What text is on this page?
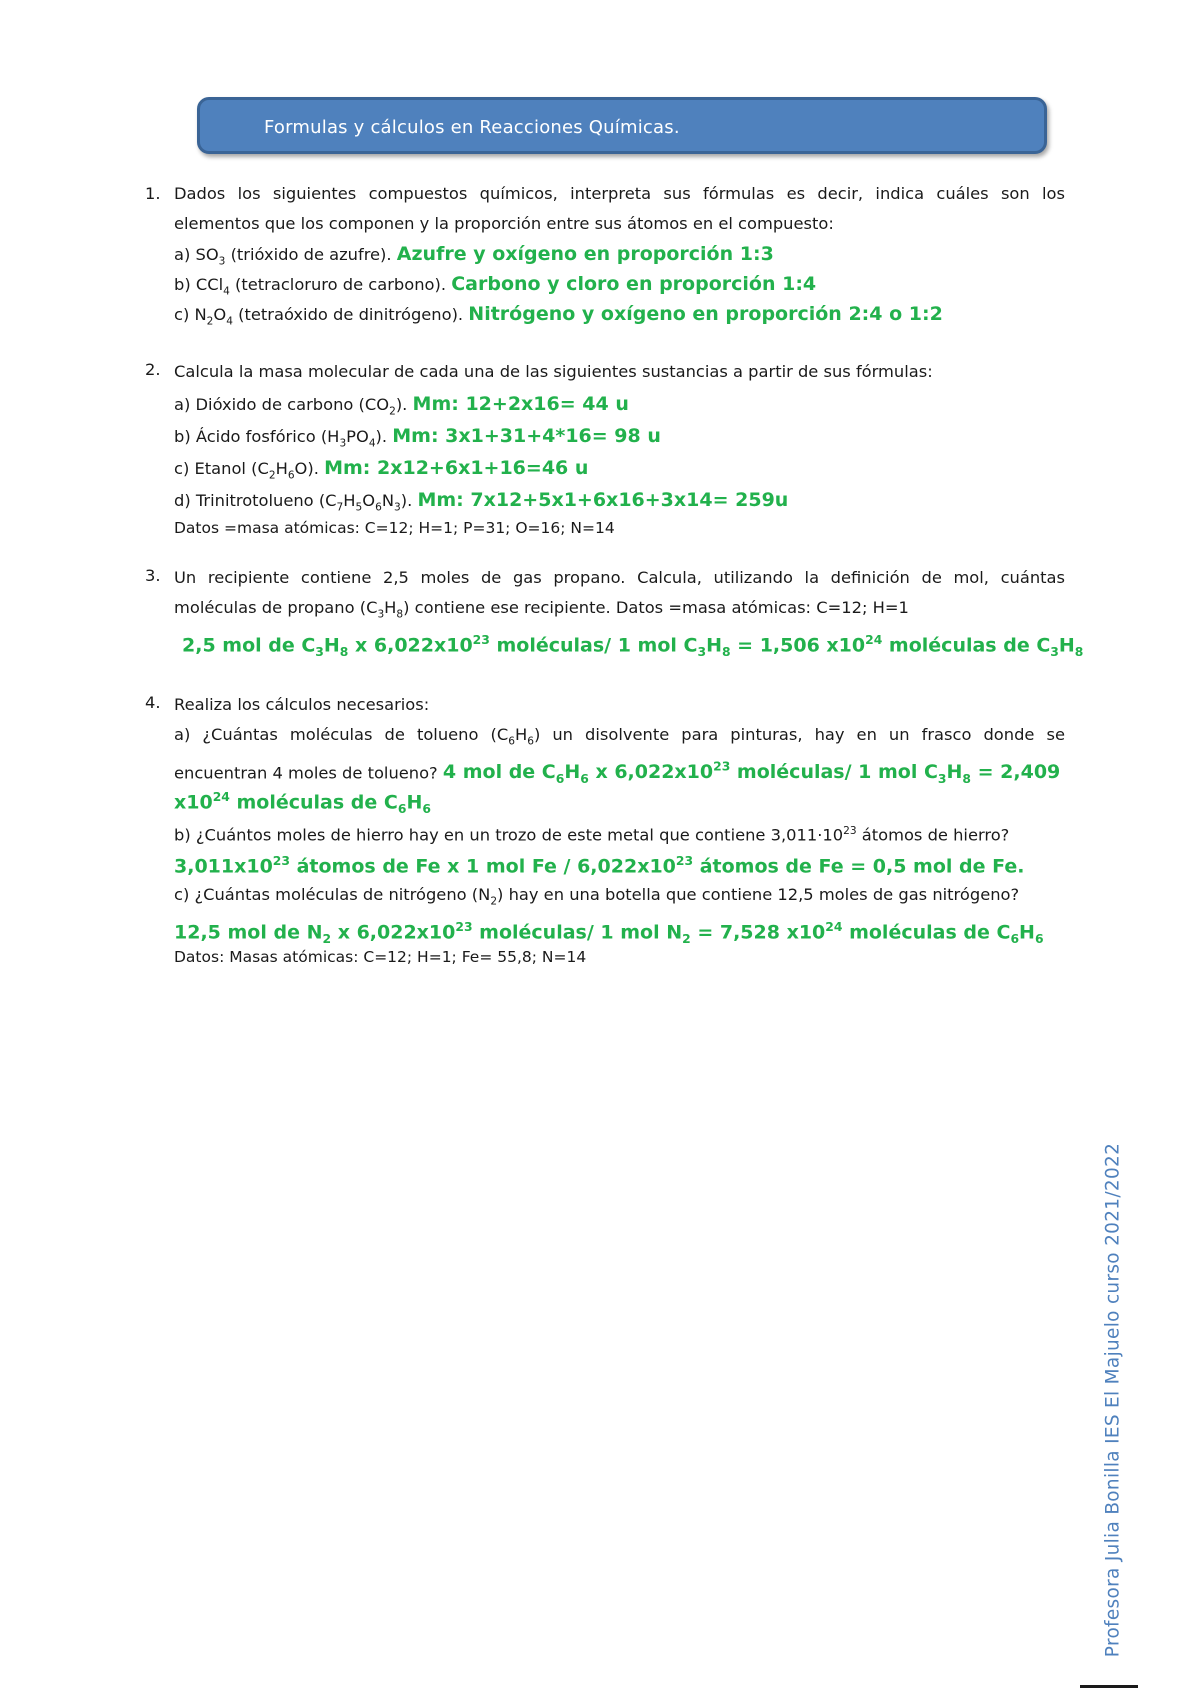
Formulas y cálculos en Reacciones Químicas.
1. Dados los siguientes compuestos químicos, interpreta sus fórmulas es decir, indica cuáles son los
elementos que los componen y la proporción entre sus átomos en el compuesto:
a) $SO_3$ (trióxido de azufre). Azufre y oxígeno en proporción 1:3
b) CCl$_4$ (tetracloruro de carbono). Carbono y cloro en proporción 1:4
c) $N_2O_4$ (tetraóxido de dinitrógeno). Nitrógeno y oxígeno en proporción 2:4 o 1:2
2. Calcula la masa molecular de cada una de las siguientes sustancias a partir de sus fórmulas:
a) Dióxido de carbono $(CO_2)$. Mm: 12+2x16= 44 u
b) Ácido fosfórico $(H_3PO_4)$. Mm: 3x1+31+4*16= 98 u
c) Etanol $(C_2H_6O)$. Mm: 2x12+6x1+16=46 u
d) Trinitrotolueno $(C_7H_5O_6N_3)$. Mm: 7x12+5x1+6x16+3x14= 259u
Datos =masa atómicas: C=12; H=1; P=31; O=16; N=14
3. Un recipiente contiene 2,5 moles de gas propano. Calcula, utilizando la definición de mol, cuántas
moléculas de propano $(C_3H_8)$ contiene ese recipiente. Datos =masa atómicas: C=12; H=1
2,5 mol de $C_3H_8$ x $6,022x10^{23}$ moléculas/ 1 mol $C_3H_8 = 1,506$ $x10^{24}$ moléculas de $C_3H_8$
4. Realiza los cálculos necesarios:
a) ¿Cuántas moléculas de tolueno $(C_6H_6)$ un disolvente para pinturas, hay en un frasco donde se
encuentran 4 moles de tolueno? 4 mol de $C_6H_6$ x $6,022x10^{23}$ moléculas/ 1 mol $C_3H_8 = 2,409$
$x10^{24}$ moléculas de $C_6H_6$
b) ¿Cuántos moles de hierro hay en un trozo de este metal que contiene $3,011\cdot 10^{23}$ átomos de hierro?
$3,011x10^{23}$ átomos de Fe x 1 mol Fe / $6,022x10^{23}$ átomos de Fe = 0,5 mol de Fe.
c) ¿Cuántas moléculas de nitrógeno $(N_2)$ hay en una botella que contiene 12,5 moles de gas nitrógeno?
12,5 mol de $N_2$ x $6,022x10^{23}$ moléculas/ 1 mol $N_2 = 7,528$ $x10^{24}$ moléculas de $C_6H_6$
Datos: Masas atómicas: C=12; H=1; Fe= 55,8; N=14
Profesora Julia Bonilla IES El Majuelo curso 2021/2022
